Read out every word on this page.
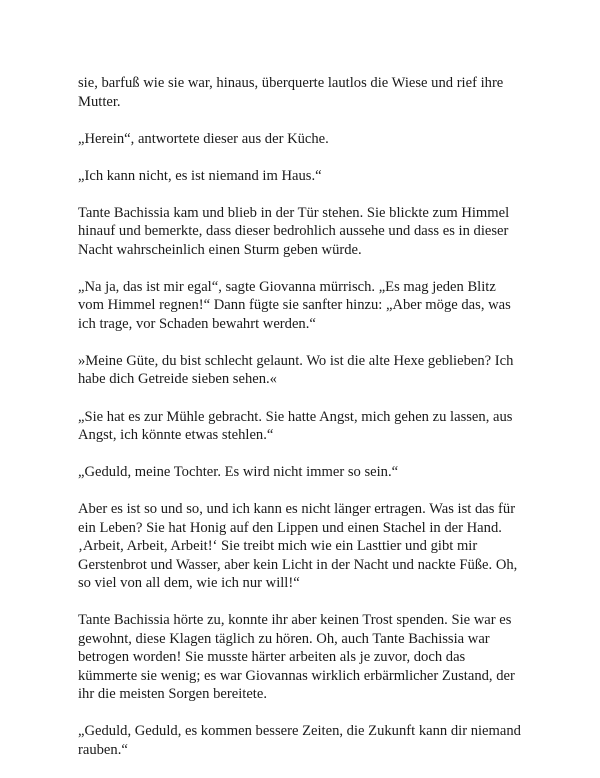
sie, barfuß wie sie war, hinaus, überquerte lautlos die Wiese und rief ihre
Mutter.

„Herein“, antwortete dieser aus der Küche.

„Ich kann nicht, es ist niemand im Haus.“

Tante Bachissia kam und blieb in der Tür stehen. Sie blickte zum Himmel
hinauf und bemerkte, dass dieser bedrohlich aussehe und dass es in dieser
Nacht wahrscheinlich einen Sturm geben würde.

„Na ja, das ist mir egal“, sagte Giovanna mürrisch. „Es mag jeden Blitz
vom Himmel regnen!“ Dann fügte sie sanfter hinzu: „Aber möge das, was
ich trage, vor Schaden bewahrt werden.“

»Meine Güte, du bist schlecht gelaunt. Wo ist die alte Hexe geblieben? Ich
habe dich Getreide sieben sehen.«

„Sie hat es zur Mühle gebracht. Sie hatte Angst, mich gehen zu lassen, aus
Angst, ich könnte etwas stehlen.“

„Geduld, meine Tochter. Es wird nicht immer so sein.“

Aber es ist so und so, und ich kann es nicht länger ertragen. Was ist das für
ein Leben? Sie hat Honig auf den Lippen und einen Stachel in der Hand.
‚Arbeit, Arbeit, Arbeit!‘ Sie treibt mich wie ein Lasttier und gibt mir
Gerstenbrot und Wasser, aber kein Licht in der Nacht und nackte Füße. Oh,
so viel von all dem, wie ich nur will!“

Tante Bachissia hörte zu, konnte ihr aber keinen Trost spenden. Sie war es
gewohnt, diese Klagen täglich zu hören. Oh, auch Tante Bachissia war
betrogen worden! Sie musste härter arbeiten als je zuvor, doch das
kümmerte sie wenig; es war Giovannas wirklich erbärmlicher Zustand, der
ihr die meisten Sorgen bereitete.

„Geduld, Geduld, es kommen bessere Zeiten, die Zukunft kann dir niemand
rauben.“
